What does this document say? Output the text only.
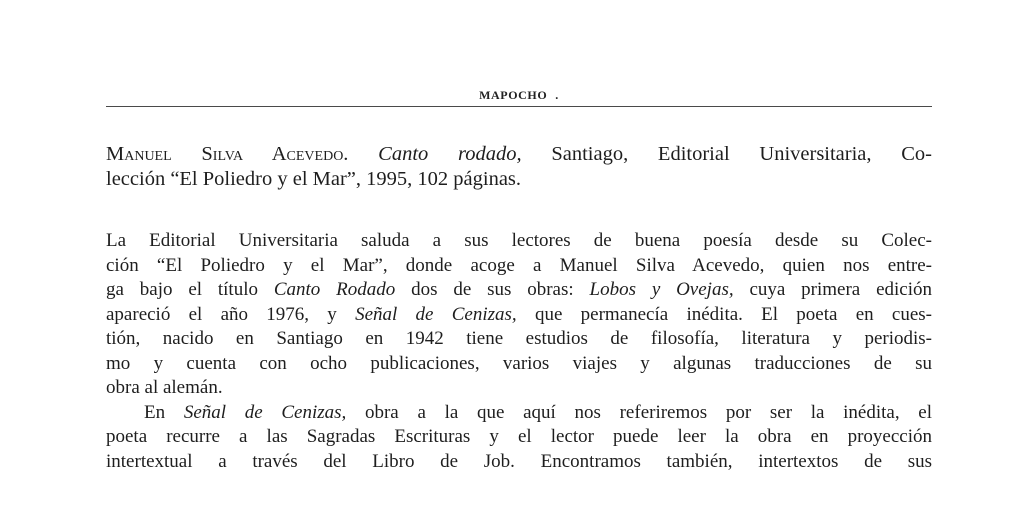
MAPOCHO .
Manuel Silva Acevedo. Canto rodado, Santiago, Editorial Universitaria, Co-
lección “El Poliedro y el Mar”, 1995, 102 páginas.
La Editorial Universitaria saluda a sus lectores de buena poesía desde su Colec-
ción “El Poliedro y el Mar”, donde acoge a Manuel Silva Acevedo, quien nos entre-
ga bajo el título Canto Rodado dos de sus obras: Lobos y Ovejas, cuya primera edición
apareció el año 1976, y Señal de Cenizas, que permanecía inédita. El poeta en cues-
tión, nacido en Santiago en 1942 tiene estudios de filosofía, literatura y periodis-
mo y cuenta con ocho publicaciones, varios viajes y algunas traducciones de su
obra al alemán.
En Señal de Cenizas, obra a la que aquí nos referiremos por ser la inédita, el
poeta recurre a las Sagradas Escrituras y el lector puede leer la obra en proyección
intertextual a través del Libro de Job. Encontramos también, intertextos de sus
